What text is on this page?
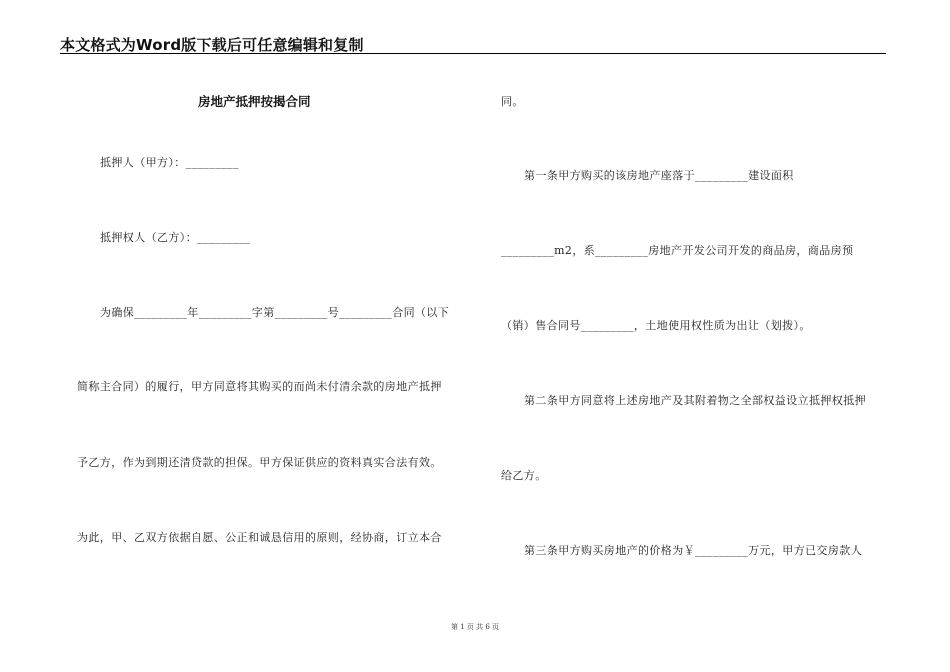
本文格式为Word版下载后可任意编辑和复制
房地产抵押按揭合同
抵押人（甲方）：_________
抵押权人（乙方）：_________
为确保_________年_________字第_________号_________合同（以下
简称主合同）的履行，甲方同意将其购买的而尚未付清余款的房地产抵押
予乙方，作为到期还清贷款的担保。甲方保证供应的资料真实合法有效。
为此，甲、乙双方依据自愿、公正和诚恳信用的原则，经协商，订立本合
同。
第一条甲方购买的该房地产座落于_________建设面积
_________m2，系_________房地产开发公司开发的商品房，商品房预
（销）售合同号_________，土地使用权性质为出让（划拨）。
第二条甲方同意将上述房地产及其附着物之全部权益设立抵押权抵押
给乙方。
第三条甲方购买房地产的价格为￥_________万元，甲方已交房款人
第 1 页 共 6 页
